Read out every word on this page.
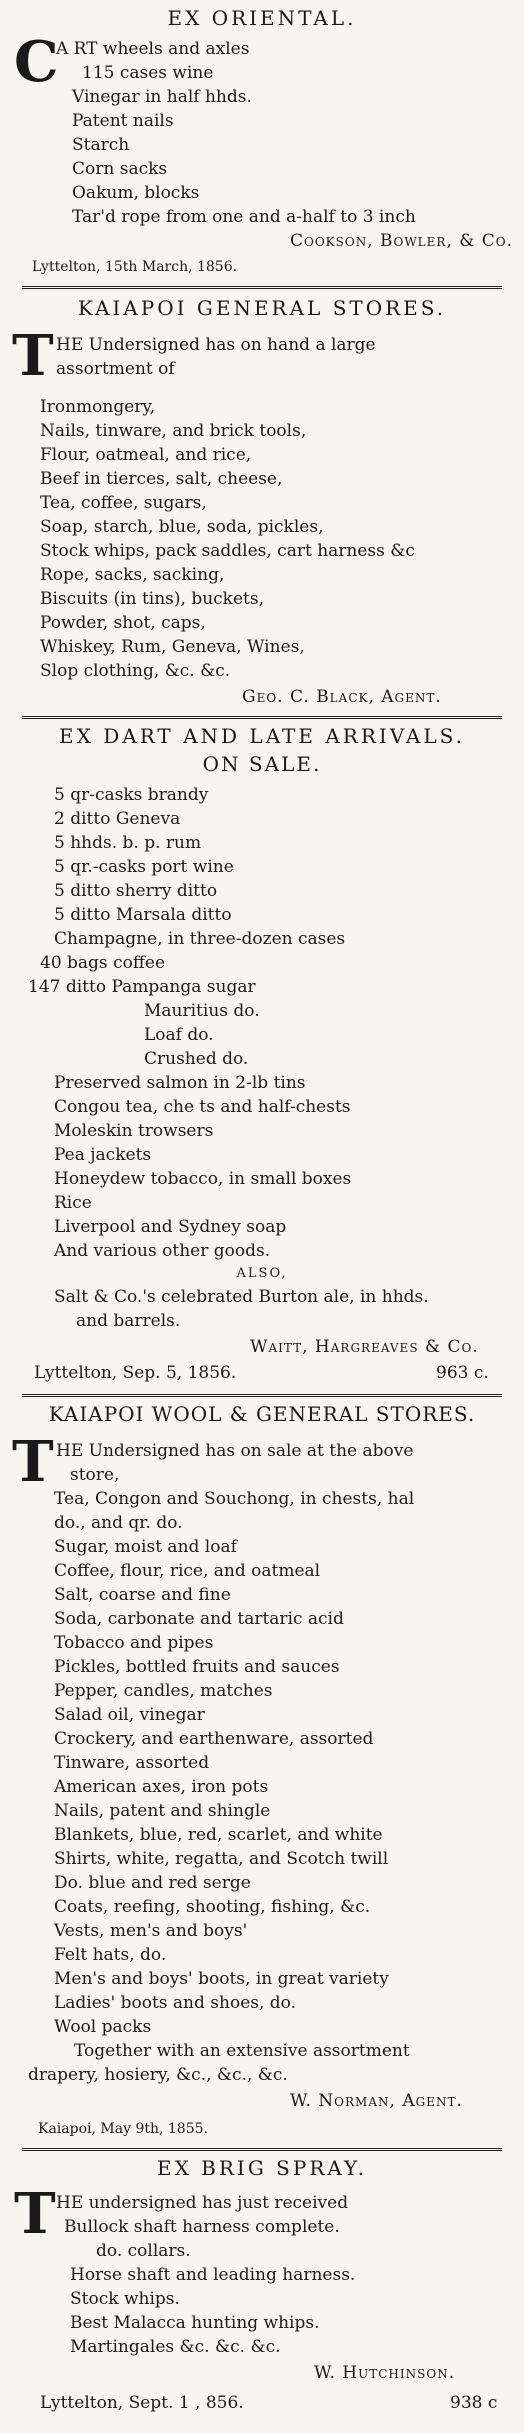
EX ORIENTAL.
C
A RT wheels and axles
115 cases wine
Vinegar in half hhds.
Patent nails
Starch
Corn sacks
Oakum, blocks
Tar'd rope from one and a-half to 3 inch
Cookson, Bowler, & Co.
Lyttelton, 15th March, 1856.
KAIAPOI GENERAL STORES.
T HE Undersigned has on hand a large
assortment of
Ironmongery,
Nails, tinware, and brick tools,
Flour, oatmeal, and rice,
Beef in tierces, salt, cheese,
Tea, coffee, sugars,
Soap, starch, blue, soda, pickles,
Stock whips, pack saddles, cart harness &c
Rope, sacks, sacking,
Biscuits (in tins), buckets,
Powder, shot, caps,
Whiskey, Rum, Geneva, Wines,
Slop clothing, &c. &c.
Geo. C. Black, Agent.
EX DART AND LATE ARRIVALS.
ON SALE.
5 qr-casks brandy
2 ditto Geneva
5 hhds. b. p. rum
5 qr.-casks port wine
5 ditto sherry ditto
5 ditto Marsala ditto
Champagne, in three-dozen cases
40 bags coffee
147 ditto Pampanga sugar
Mauritius do.
Loaf do.
Crushed do.
Preserved salmon in 2-lb tins
Congou tea, che ts and half-chests
Moleskin trowsers
Pea jackets
Honeydew tobacco, in small boxes
Rice
Liverpool and Sydney soap
And various other goods.
ALSO,
Salt & Co.'s celebrated Burton ale, in hhds.
and barrels.
Waitt, Hargreaves & Co.
Lyttelton, Sep. 5, 1856.	963 c.
KAIAPOI WOOL & GENERAL STORES.
T HE Undersigned has on sale at the above
store,
Tea, Congon and Souchong, in chests, hal
do., and qr. do.
Sugar, moist and loaf
Coffee, flour, rice, and oatmeal
Salt, coarse and fine
Soda, carbonate and tartaric acid
Tobacco and pipes
Pickles, bottled fruits and sauces
Pepper, candles, matches
Salad oil, vinegar
Crockery, and earthenware, assorted
Tinware, assorted
American axes, iron pots
Nails, patent and shingle
Blankets, blue, red, scarlet, and white
Shirts, white, regatta, and Scotch twill
Do. blue and red serge
Coats, reefing, shooting, fishing, &c.
Vests, men's and boys'
Felt hats, do.
Men's and boys' boots, in great variety
Ladies' boots and shoes, do.
Wool packs
Together with an extensive assortment
drapery, hosiery, &c., &c., &c.
W. Norman, Agent.
Kaiapoi, May 9th, 1855.
EX BRIG SPRAY.
T HE undersigned has just received
Bullock shaft harness complete.
do. collars.
Horse shaft and leading harness.
Stock whips.
Best Malacca hunting whips.
Martingales &c. &c. &c.
W. Hutchinson.
Lyttelton, Sept. 1 , 856.	938 c
